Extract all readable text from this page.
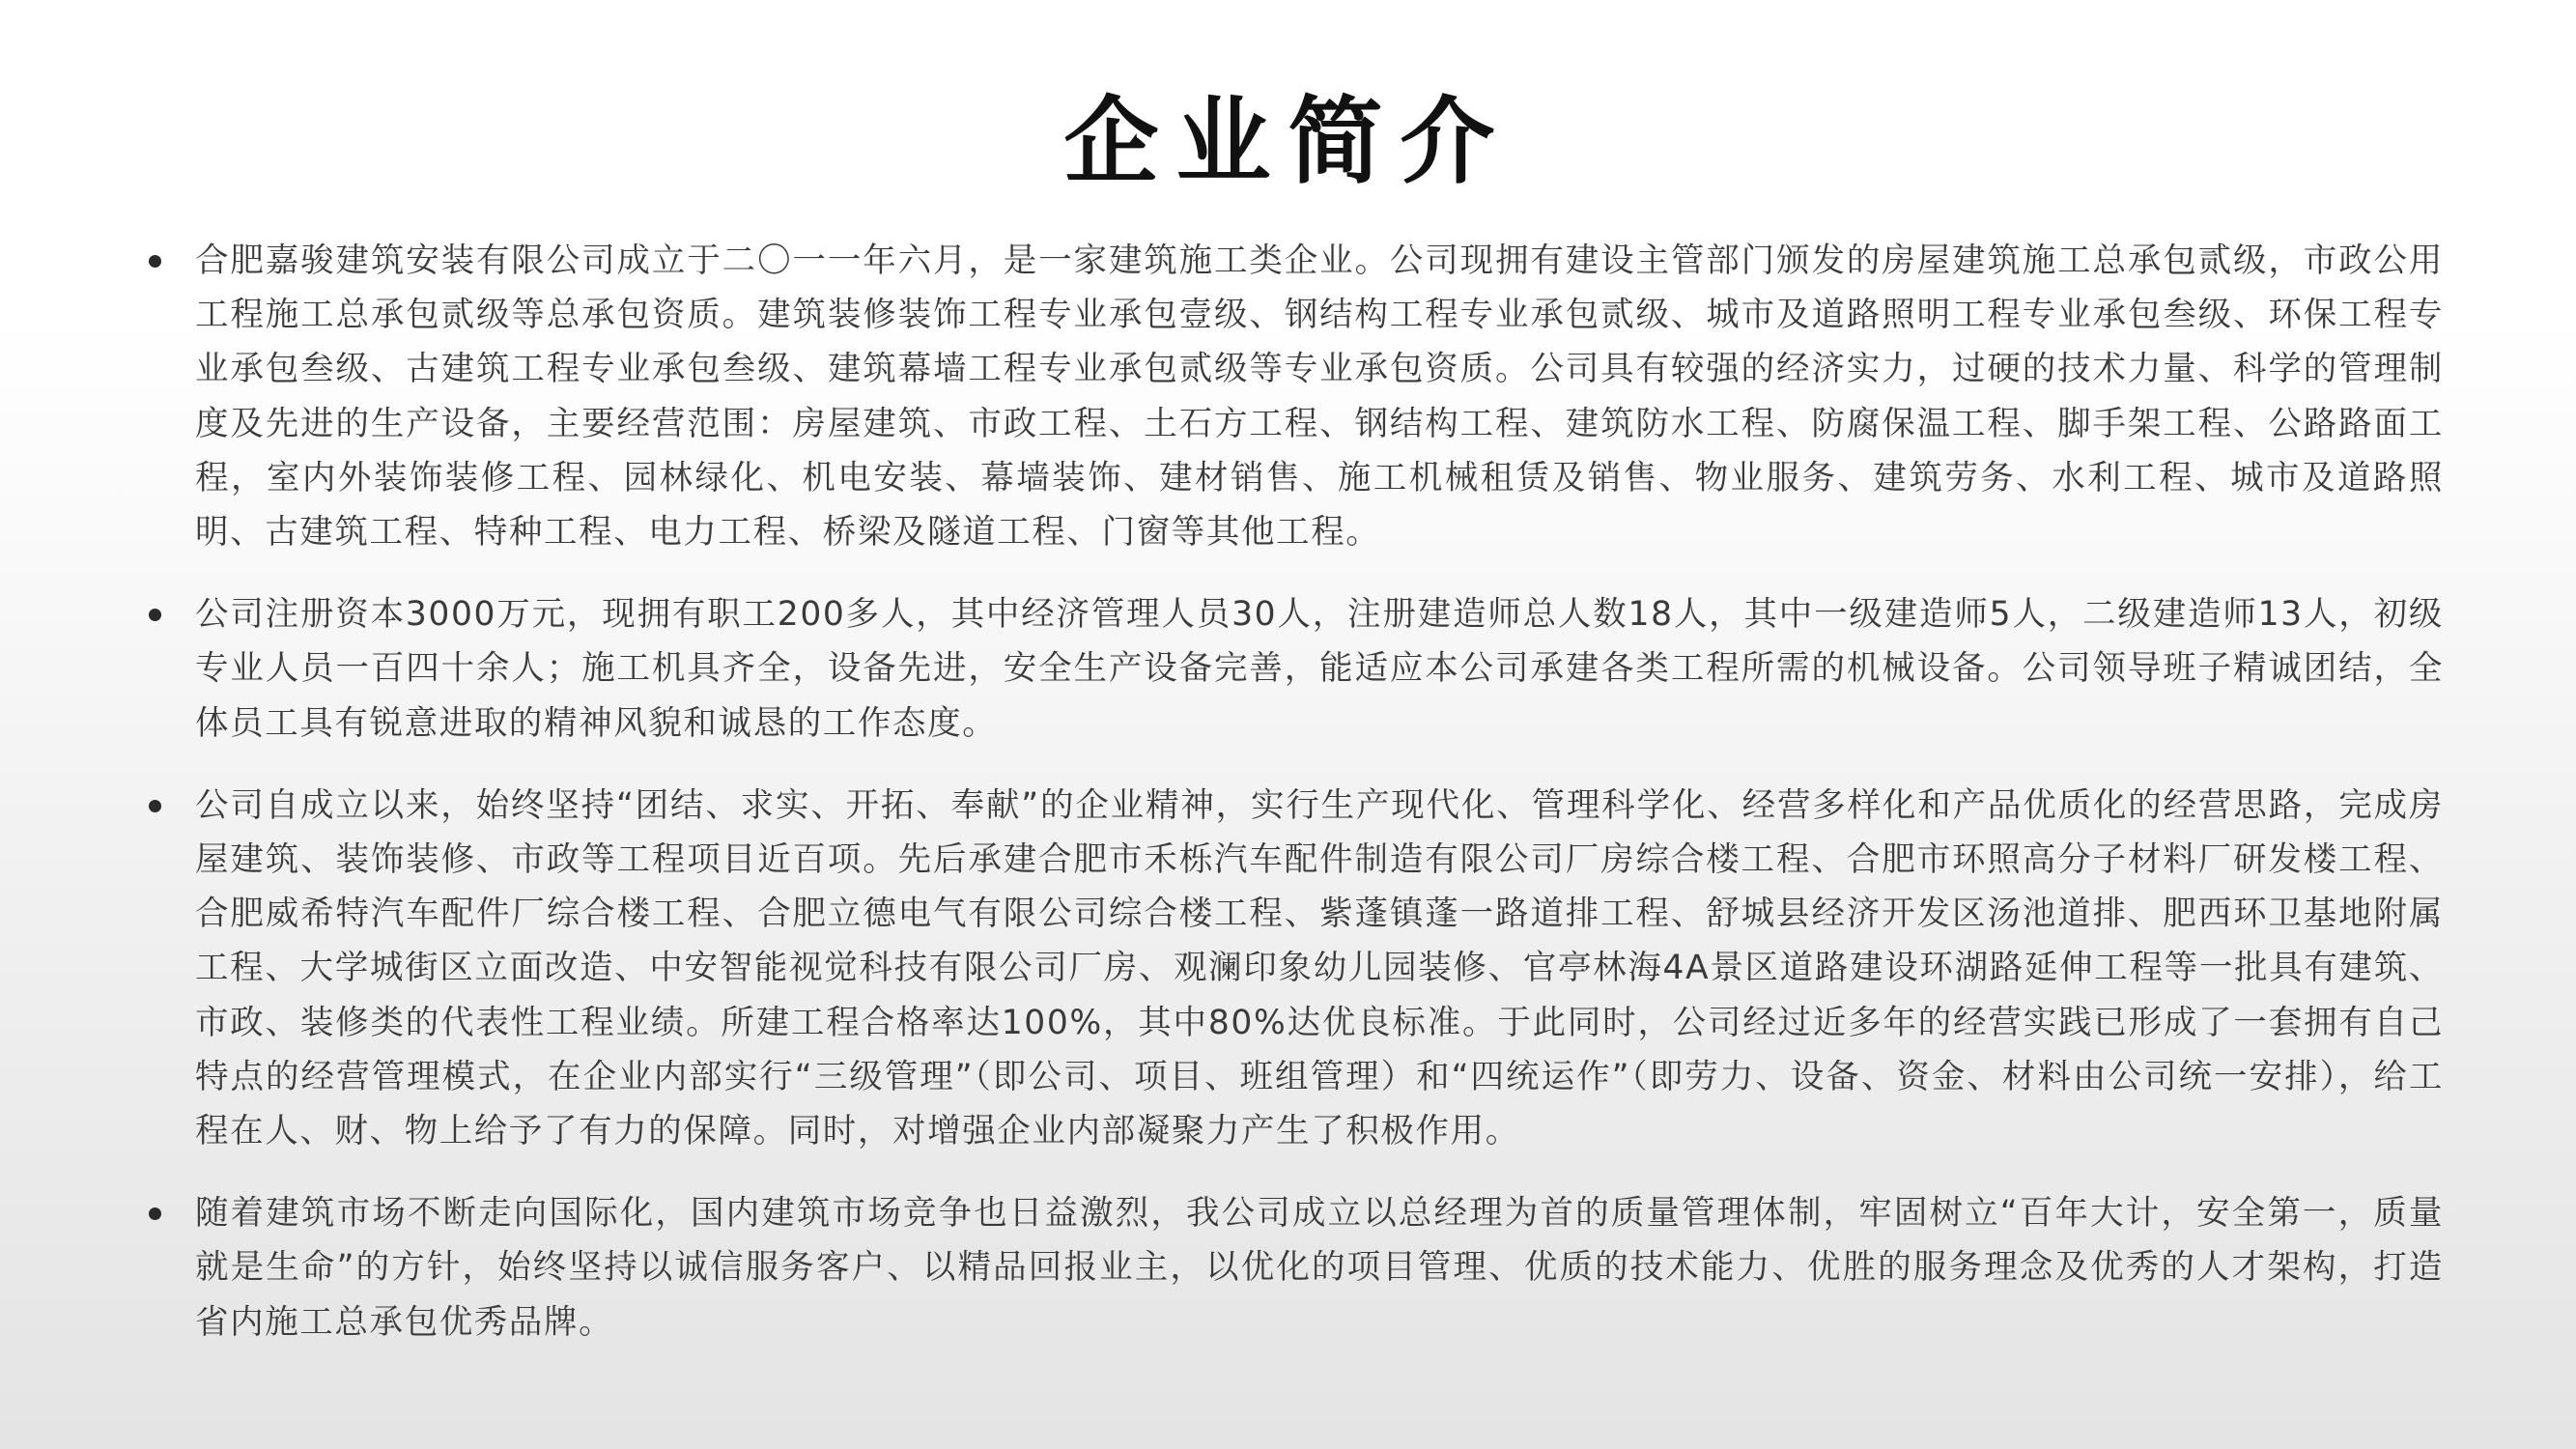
企业简介
合肥嘉骏建筑安装有限公司成立于二〇一一年六月，是一家建筑施工类企业。公司现拥有建设主管部门颁发的房屋建筑施工总承包贰级，市政公用工程施工总承包贰级等总承包资质。建筑装修装饰工程专业承包壹级、钢结构工程专业承包贰级、城市及道路照明工程专业承包叁级、环保工程专业承包叁级、古建筑工程专业承包叁级、建筑幕墙工程专业承包贰级等专业承包资质。公司具有较强的经济实力，过硬的技术力量、科学的管理制度及先进的生产设备，主要经营范围：房屋建筑、市政工程、土石方工程、钢结构工程、建筑防水工程、防腐保温工程、脚手架工程、公路路面工程，室内外装饰装修工程、园林绿化、机电安装、幕墙装饰、建材销售、施工机械租赁及销售、物业服务、建筑劳务、水利工程、城市及道路照明、古建筑工程、特种工程、电力工程、桥梁及隧道工程、门窗等其他工程。
公司注册资本3000万元，现拥有职工200多人，其中经济管理人员30人，注册建造师总人数18人，其中一级建造师5人，二级建造师13人，初级专业人员一百四十余人；施工机具齐全，设备先进，安全生产设备完善，能适应本公司承建各类工程所需的机械设备。公司领导班子精诚团结，全体员工具有锐意进取的精神风貌和诚恳的工作态度。
公司自成立以来，始终坚持“团结、求实、开拓、奉献”的企业精神，实行生产现代化、管理科学化、经营多样化和产品优质化的经营思路，完成房屋建筑、装饰装修、市政等工程项目近百项。先后承建合肥市禾栎汽车配件制造有限公司厂房综合楼工程、合肥市环照高分子材料厂研发楼工程、合肥威希特汽车配件厂综合楼工程、合肥立德电气有限公司综合楼工程、紫蓬镇蓬一路道排工程、舒城县经济开发区汤池道排、肥西环卫基地附属工程、大学城街区立面改造、中安智能视觉科技有限公司厂房、观澜印象幼儿园装修、官亭林海4A景区道路建设环湖路延伸工程等一批具有建筑、市政、装修类的代表性工程业绩。所建工程合格率达100%，其中80%达优良标准。于此同时，公司经过近多年的经营实践已形成了一套拥有自己特点的经营管理模式，在企业内部实行“三级管理”（即公司、项目、班组管理）和“四统运作”（即劳力、设备、资金、材料由公司统一安排），给工程在人、财、物上给予了有力的保障。同时，对增强企业内部凝聚力产生了积极作用。
随着建筑市场不断走向国际化，国内建筑市场竞争也日益激烈，我公司成立以总经理为首的质量管理体制，牢固树立“百年大计，安全第一，质量就是生命”的方针，始终坚持以诚信服务客户、以精品回报业主，以优化的项目管理、优质的技术能力、优胜的服务理念及优秀的人才架构，打造省内施工总承包优秀品牌。
